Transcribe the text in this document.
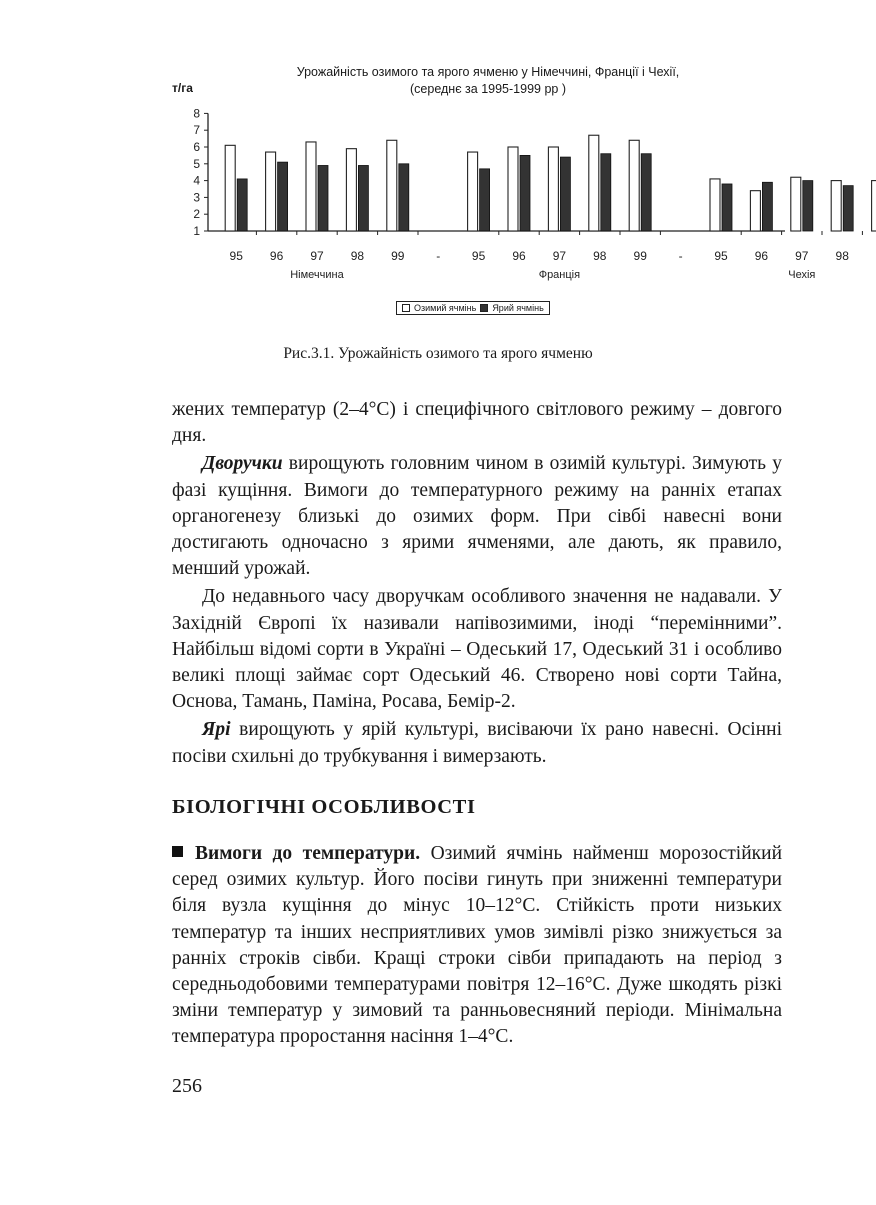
Урожайність озимого та ярого ячменю у Німеччині, Франції і Чехії,
(середнє за 1995-1999 рр )
т/га
1
2
3
4
5
6
7
8
95 96 97 98 99
Німеччина
-	95 96 97 98 99
Франція
-	95 96 97 98
Чехія
Озимий ячмінь Ярий ячмінь
Рис.3.1. Урожайність озимого та ярого ячменю

жених температур (2–4°С) і специфічного світлового режиму – довгого дня.

Дворучки вирощують головним чином в озимій культурі. Зимують у фазі кущіння. Вимоги до температурного режиму на ранніх етапах органогенезу близькі до озимих форм. При сівбі навесні вони достигають одночасно з ярими ячменями, але дають, як правило, менший урожай.

До недавнього часу дворучкам особливого значення не надавали. У Західній Європі їх називали напівозимими, іноді “перемінними”. Найбільш відомі сорти в Україні – Одеський 17, Одеський 31 і особливо великі площі займає сорт Одеський 46. Створено нові сорти Тайна, Основа, Тамань, Паміна, Росава, Бемір-2.

Ярі вирощують у ярій культурі, висіваючи їх рано навесні. Осінні посіви схильні до трубкування і вимерзають.

БІОЛОГІЧНІ ОСОБЛИВОСТІ

Вимоги до температури. Озимий ячмінь найменш морозостійкий серед озимих культур. Його посіви гинуть при зниженні температури біля вузла кущіння до мінус 10–12°С. Стійкість проти низьких температур та інших несприятливих умов зимівлі різко знижується за ранніх строків сівби. Кращі строки сівби припадають на період з середньодобовими температурами повітря 12–16°С. Дуже шкодять різкі зміни температур у зимовий та ранньовесняний періоди. Мінімальна температура проростання насіння 1–4°С.

256
